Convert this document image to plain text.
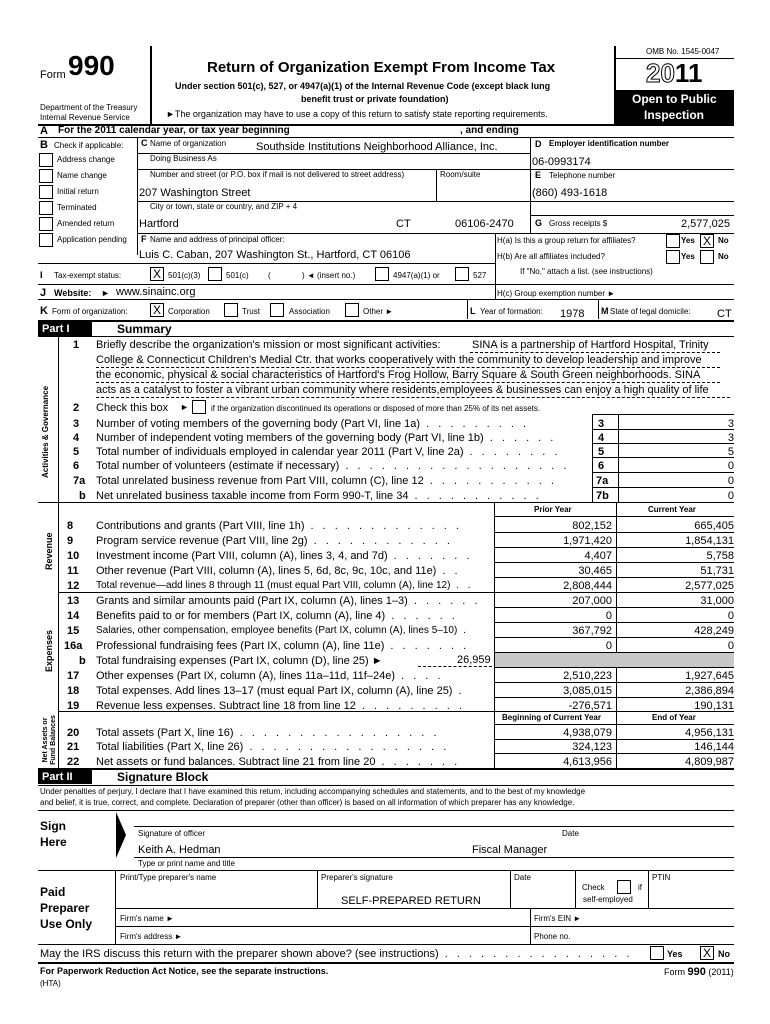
Form 990
Department of the Treasury
Internal Revenue Service
Return of Organization Exempt From Income Tax
Under section 501(c), 527, or 4947(a)(1) of the Internal Revenue Code (except black lung
benefit trust or private foundation)
►The organization may have to use a copy of this return to satisfy state reporting requirements.
OMB No. 1545-0047
2011
Open to Public
Inspection
A For the 2011 calendar year, or tax year beginning	, and ending
B Check if applicable:
Address change
Name change
Initial return
Terminated
Amended return
Application pending
C Name of organization	Southside Institutions Neighborhood Alliance, Inc.
Doing Business As
Number and street (or P.O. box if mail is not delivered to street address)	Room/suite
207 Washington Street
City or town, state or country, and ZIP + 4
Hartford	CT	06106-2470
D Employer identification number
06-0993174
E Telephone number
(860) 493-1618
G Gross receipts $	2,577,025
F Name and address of principal officer:
Luis C. Caban, 207 Washington St., Hartford, CT 06106
H(a) Is this a group return for affiliates?	Yes X No
H(b) Are all affiliates included?	Yes	No
If "No," attach a list. (see instructions)
I Tax-exempt status:	X 501(c)(3)	501(c) (	) ◄ (insert no.)	4947(a)(1) or	527
J Website: ► www.sinainc.org	H(c) Group exemption number ►
K Form of organization: X Corporation	Trust	Association	Other ►	L Year of formation: 1978 M State of legal domicile: CT
Part I	Summary
Activities & Governance
1 Briefly describe the organization's mission or most significant activities:	SINA is a partnership of Hartford Hospital, Trinity
College & Connecticut Children's Medial Ctr. that works cooperatively with the community to develop leadership and improve
the economic, physical & social characteristics of Hartford's Frog Hollow, Barry Square & South Green neighborhoods. SINA
acts as a catalyst to foster a vibrant urban community where residents,employees & businesses can enjoy a high quality of life
2 Check this box ►	if the organization discontinued its operations or disposed of more than 25% of its net assets.
3 Number of voting members of the governing body (Part VI, line 1a) . . . . . . . . .	3	3
4 Number of independent voting members of the governing body (Part VI, line 1b) . . . . . .	4	3
5 Total number of individuals employed in calendar year 2011 (Part V, line 2a) . . . . . . . .	5	5
6 Total number of volunteers (estimate if necessary) . . . . . . . . . . . . . . . . . . .	6	0
7a Total unrelated business revenue from Part VIII, column (C), line 12 . . . . . . . . . . .	7a	0
b Net unrelated business taxable income from Form 990-T, line 34 . . . . . . . . . . .	7b	0
Prior Year	Current Year
Revenue
8 Contributions and grants (Part VIII, line 1h) . . . . . . . . . . . . .	802,152	665,405
9 Program service revenue (Part VIII, line 2g) . . . . . . . . . . . .	1,971,420	1,854,131
10 Investment income (Part VIII, column (A), lines 3, 4, and 7d) . . . . . . .	4,407	5,758
11 Other revenue (Part VIII, column (A), lines 5, 6d, 8c, 9c, 10c, and 11e) . .	30,465	51,731
12 Total revenue—add lines 8 through 11 (must equal Part VIII, column (A), line 12) . .	2,808,444	2,577,025
Expenses
13 Grants and similar amounts paid (Part IX, column (A), lines 1–3) . . . . . .	207,000	31,000
14 Benefits paid to or for members (Part IX, column (A), line 4) . . . . . .	0	0
15 Salaries, other compensation, employee benefits (Part IX, column (A), lines 5–10) .	367,792	428,249
16a Professional fundraising fees (Part IX, column (A), line 11e) . . . . . . .	0	0
b Total fundraising expenses (Part IX, column (D), line 25) ►	26,959
17 Other expenses (Part IX, column (A), lines 11a–11d, 11f–24e) . . . .	2,510,223	1,927,645
18 Total expenses. Add lines 13–17 (must equal Part IX, column (A), line 25) .	3,085,015	2,386,894
19 Revenue less expenses. Subtract line 18 from line 12 . . . . . . . . .	-276,571	190,131
Beginning of Current Year	End of Year
Net Assets or Fund Balances 20 Total assets (Part X, line 16) . . . . . . . . . . . . . . . . .	4,938,079	4,956,131
21 Total liabilities (Part X, line 26) . . . . . . . . . . . . . . . . .	324,123	146,144
22 Net assets or fund balances. Subtract line 21 from line 20 . . . . . . .	4,613,956	4,809,987
Part II	Signature Block
Under penalties of perjury, I declare that I have examined this return, including accompanying schedules and statements, and to the best of my knowledge
and belief, it is true, correct, and complete. Declaration of preparer (other than officer) is based on all information of which preparer has any knowledge.
Sign
Here
Signature of officer	Date
Keith A. Hedman	Fiscal Manager
Type or print name and title
Paid
Preparer
Use Only
Print/Type preparer's name	Preparer's signature
SELF-PREPARED RETURN
Date
Check	if
self-employed
PTIN
Firm's name ►	Firm's EIN ►
Firm's address ►	Phone no.
May the IRS discuss this return with the preparer shown above? (see instructions) . . . . . . . . . . . . . . . .	Yes X No
For Paperwork Reduction Act Notice, see the separate instructions.
(HTA)
Form 990 (2011)
